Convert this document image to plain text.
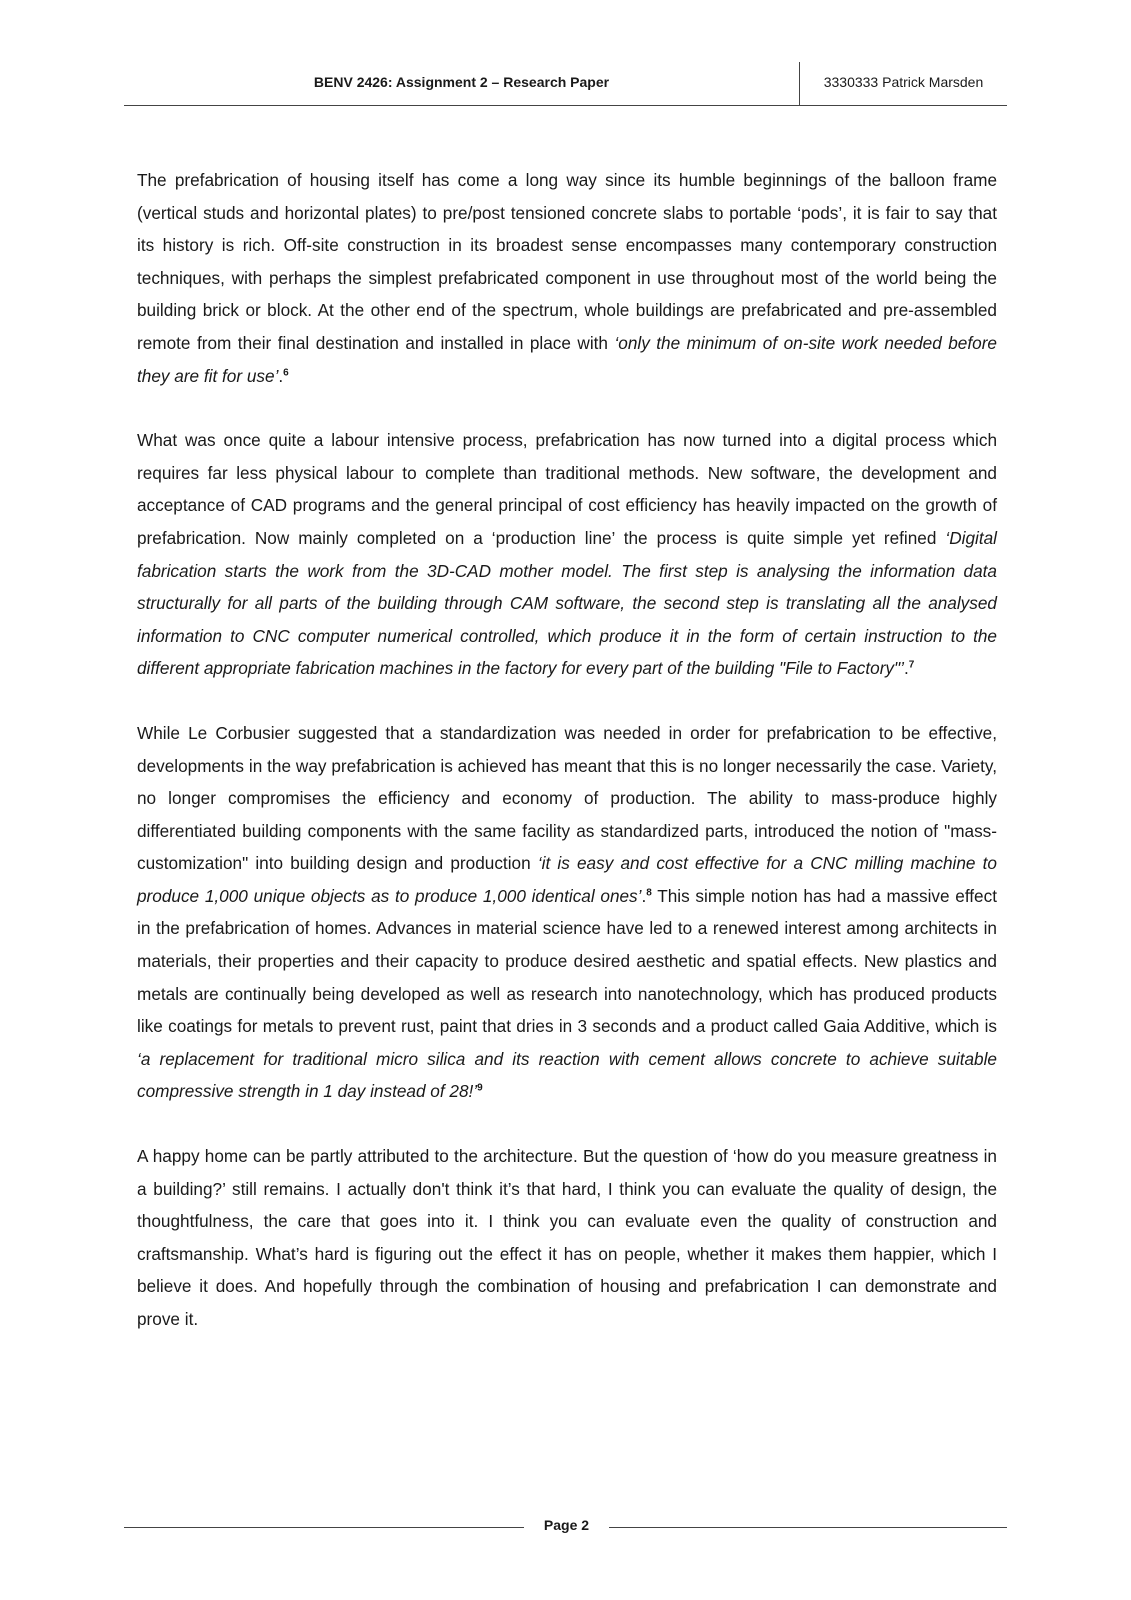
BENV 2426: Assignment 2 – Research Paper	3330333 Patrick Marsden

The prefabrication of housing itself has come a long way since its humble beginnings of the balloon frame (vertical studs and horizontal plates) to pre/post tensioned concrete slabs to portable ‘pods’, it is fair to say that its history is rich. Off-site construction in its broadest sense encompasses many contemporary construction techniques, with perhaps the simplest prefabricated component in use throughout most of the world being the building brick or block. At the other end of the spectrum, whole buildings are prefabricated and pre-assembled remote from their final destination and installed in place with ‘only the minimum of on-site work needed before they are fit for use’.$^6$

What was once quite a labour intensive process, prefabrication has now turned into a digital process which requires far less physical labour to complete than traditional methods. New software, the development and acceptance of CAD programs and the general principal of cost efficiency has heavily impacted on the growth of prefabrication. Now mainly completed on a ‘production line’ the process is quite simple yet refined ‘Digital fabrication starts the work from the 3D-CAD mother model. The first step is analysing the information data structurally for all parts of the building through CAM software, the second step is translating all the analysed information to CNC computer numerical controlled, which produce it in the form of certain instruction to the different appropriate fabrication machines in the factory for every part of the building "File to Factory"’.$^7$

While Le Corbusier suggested that a standardization was needed in order for prefabrication to be effective, developments in the way prefabrication is achieved has meant that this is no longer necessarily the case. Variety, no longer compromises the efficiency and economy of production. The ability to mass-produce highly differentiated building components with the same facility as standardized parts, introduced the notion of "mass-customization" into building design and production ‘it is easy and cost effective for a CNC milling machine to produce 1,000 unique objects as to produce 1,000 identical ones’.$^8$ This simple notion has had a massive effect in the prefabrication of homes. Advances in material science have led to a renewed interest among architects in materials, their properties and their capacity to produce desired aesthetic and spatial effects. New plastics and metals are continually being developed as well as research into nanotechnology, which has produced products like coatings for metals to prevent rust, paint that dries in 3 seconds and a product called Gaia Additive, which is ‘a replacement for traditional micro silica and its reaction with cement allows concrete to achieve suitable compressive strength in 1 day instead of 28!’$^9$

A happy home can be partly attributed to the architecture. But the question of ‘how do you measure greatness in a building?’ still remains. I actually don't think it’s that hard, I think you can evaluate the quality of design, the thoughtfulness, the care that goes into it. I think you can evaluate even the quality of construction and craftsmanship. What’s hard is figuring out the effect it has on people, whether it makes them happier, which I believe it does. And hopefully through the combination of housing and prefabrication I can demonstrate and prove it.

Page 2
